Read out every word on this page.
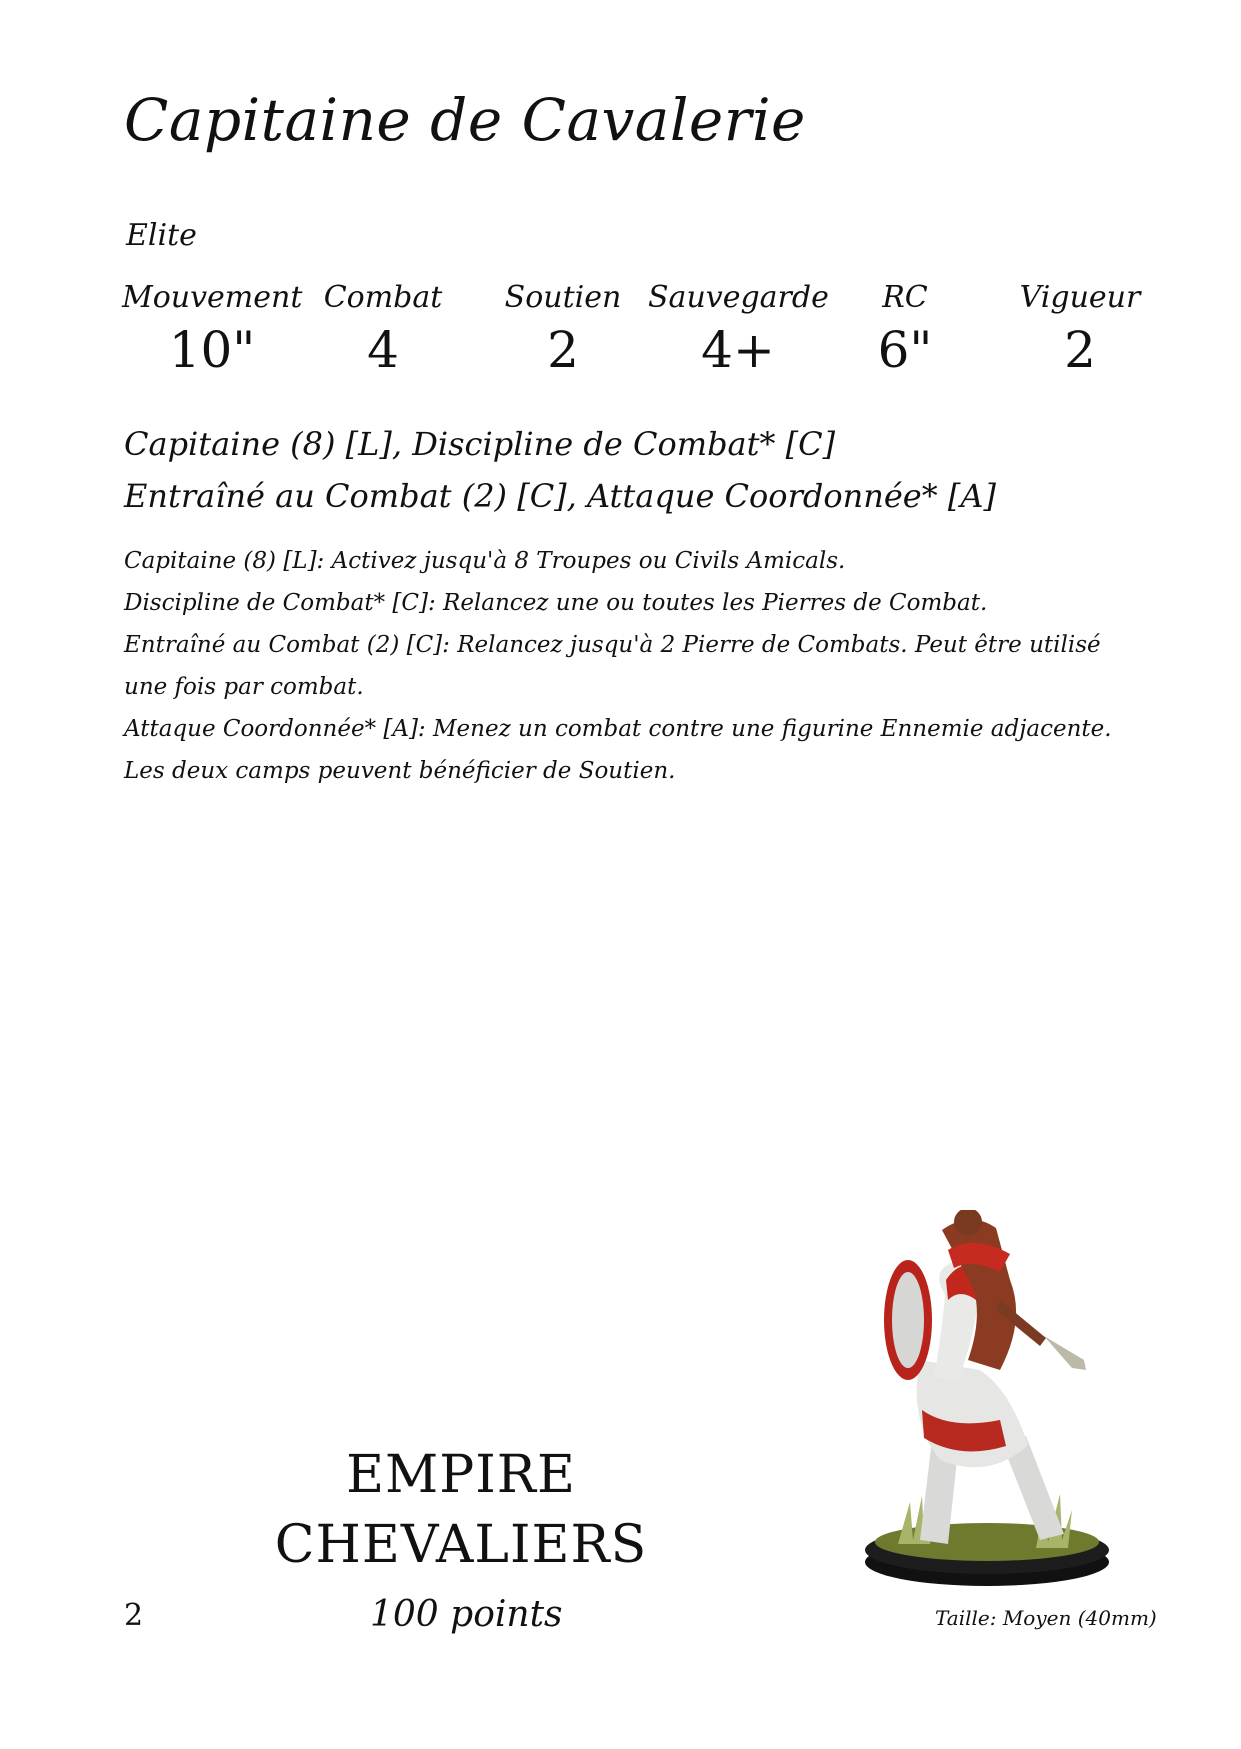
Capitaine de Cavalerie
Elite
Mouvement
10"
Combat
4
Soutien
2
Sauvegarde
4+
RC
6"
Vigueur
2
Capitaine (8) [L], Discipline de Combat* [C]
Entraîné au Combat (2) [C], Attaque Coordonnée* [A]

Capitaine (8) [L]: Activez jusqu'à 8 Troupes ou Civils Amicals.

Discipline de Combat* [C]: Relancez une ou toutes les Pierres de Combat.

Entraîné au Combat (2) [C]: Relancez jusqu'à 2 Pierre de Combats. Peut être utilisé une fois par combat.

Attaque Coordonnée* [A]: Menez un combat contre une figurine Ennemie adjacente. Les deux camps peuvent bénéficier de Soutien.

EMPIRE
CHEVALIERS
2	100 points	Taille: Moyen (40mm)
